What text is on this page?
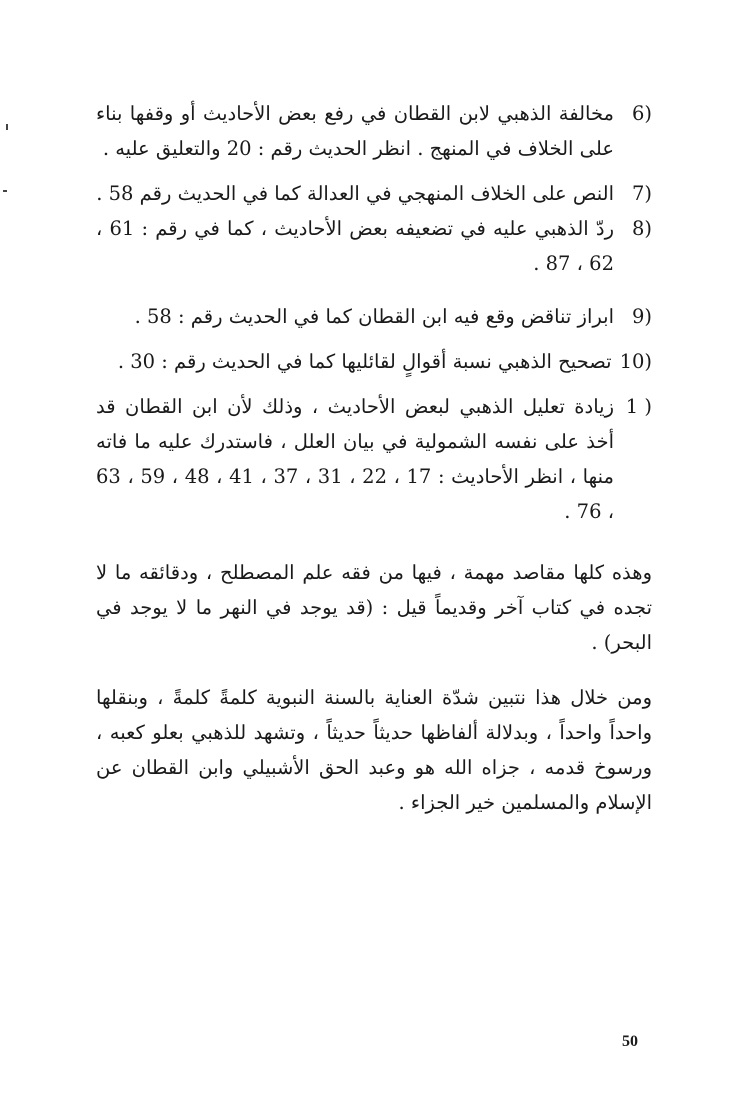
6)
مخالفة الذهبي لابن القطان في رفع بعض الأحاديث أو وقفها بناء على الخلاف في المنهج . انظر الحديث رقم : 20 والتعليق عليه .
7)
النص على الخلاف المنهجي في العدالة كما في الحديث رقم 58 .
8)
ردّ الذهبي عليه في تضعيفه بعض الأحاديث ، كما في رقم : 61 ، 62 ، 87 .
9)
ابراز تناقض وقع فيه ابن القطان كما في الحديث رقم : 58 .
10)
تصحيح الذهبي نسبة أقوالٍ لقائليها كما في الحديث رقم : 30 .
1 )
زيادة تعليل الذهبي لبعض الأحاديث ، وذلك لأن ابن القطان قد أخذ على نفسه الشمولية في بيان العلل ، فاستدرك عليه ما فاته منها ، انظر الأحاديث : 17 ، 22 ، 31 ، 37 ، 41 ، 48 ، 59 ، 63 ، 76 .

وهذه كلها مقاصد مهمة ، فيها من فقه علم المصطلح ، ودقائقه ما لا تجده في كتاب آخر وقديماً قيل : (قد يوجد في النهر ما لا يوجد في البحر) .

ومن خلال هذا نتبين شدّة العناية بالسنة النبوية كلمةً كلمةً ، وبنقلها واحداً واحداً ، وبدلالة ألفاظها حديثاً حديثاً ، وتشهد للذهبي بعلو كعبه ، ورسوخ قدمه ، جزاه الله هو وعبد الحق الأشبيلي وابن القطان عن الإسلام والمسلمين خير الجزاء .

50
